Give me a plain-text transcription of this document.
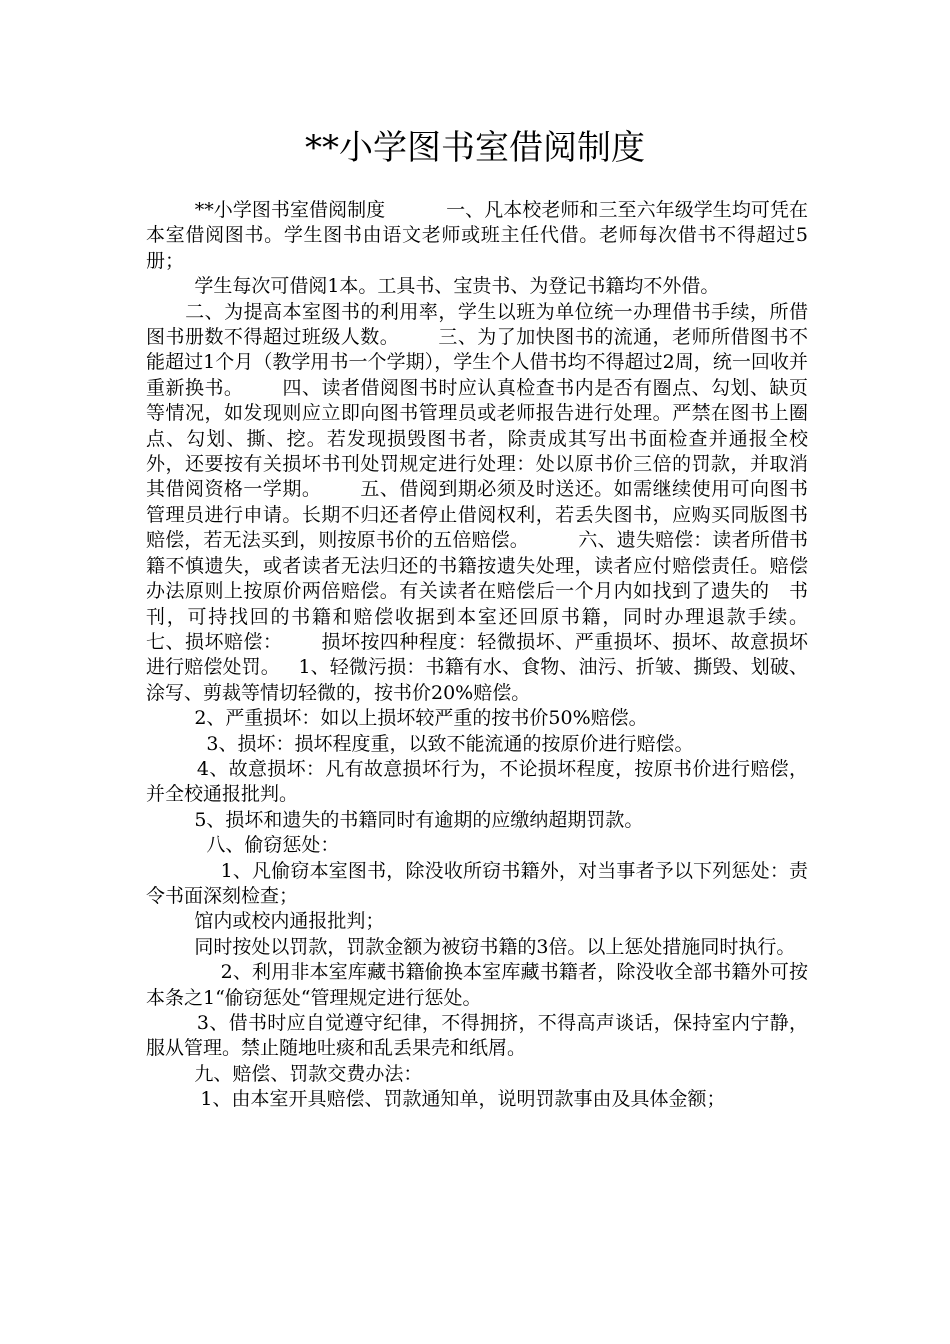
**小学图书室借阅制度

**小学图书室借阅制度          一、凡本校老师和三至六年级学生均可凭在本室借阅图书。学生图书由语文老师或班主任代借。老师每次借书不得超过5册；

学生每次可借阅1本。工具书、宝贵书、为登记书籍均不外借。

二、为提高本室图书的利用率，学生以班为单位统一办理借书手续，所借图书册数不得超过班级人数。      三、为了加快图书的流通，老师所借图书不能超过1个月（教学用书一个学期），学生个人借书均不得超过2周，统一回收并重新换书。      四、读者借阅图书时应认真检查书内是否有圈点、勾划、缺页等情况，如发现则应立即向图书管理员或老师报告进行处理。严禁在图书上圈点、勾划、撕、挖。若发现损毁图书者，除责成其写出书面检查并通报全校外，还要按有关损坏书刊处罚规定进行处理：处以原书价三倍的罚款，并取消其借阅资格一学期。      五、借阅到期必须及时送还。如需继续使用可向图书管理员进行申请。长期不归还者停止借阅权利，若丢失图书，应购买同版图书赔偿，若无法买到，则按原书价的五倍赔偿。        六、遗失赔偿：读者所借书籍不慎遗失，或者读者无法归还的书籍按遗失处理，读者应付赔偿责任。赔偿办法原则上按原价两倍赔偿。有关读者在赔偿后一个月内如找到了遗失的   书刊，可持找回的书籍和赔偿收据到本室还回原书籍，同时办理退款手续。        七、损坏赔偿：      损坏按四种程度：轻微损坏、严重损坏、损坏、故意损坏进行赔偿处罚。   1、轻微污损：书籍有水、食物、油污、折皱、撕毁、划破、涂写、剪裁等情切轻微的，按书价20%赔偿。

2、严重损坏：如以上损坏较严重的按书价50%赔偿。

3、损坏：损坏程度重，以致不能流通的按原价进行赔偿。

4、故意损坏：凡有故意损坏行为，不论损坏程度，按原书价进行赔偿，并全校通报批判。

5、损坏和遗失的书籍同时有逾期的应缴纳超期罚款。

八、偷窃惩处：

1、凡偷窃本室图书，除没收所窃书籍外，对当事者予以下列惩处：责令书面深刻检查；

馆内或校内通报批判；

同时按处以罚款，罚款金额为被窃书籍的3倍。以上惩处措施同时执行。

2、利用非本室库藏书籍偷换本室库藏书籍者，除没收全部书籍外可按本条之1“偷窃惩处“管理规定进行惩处。

3、借书时应自觉遵守纪律，不得拥挤，不得高声谈话，保持室内宁静，服从管理。禁止随地吐痰和乱丢果壳和纸屑。

九、赔偿、罚款交费办法：

1、由本室开具赔偿、罚款通知单，说明罚款事由及具体金额；
